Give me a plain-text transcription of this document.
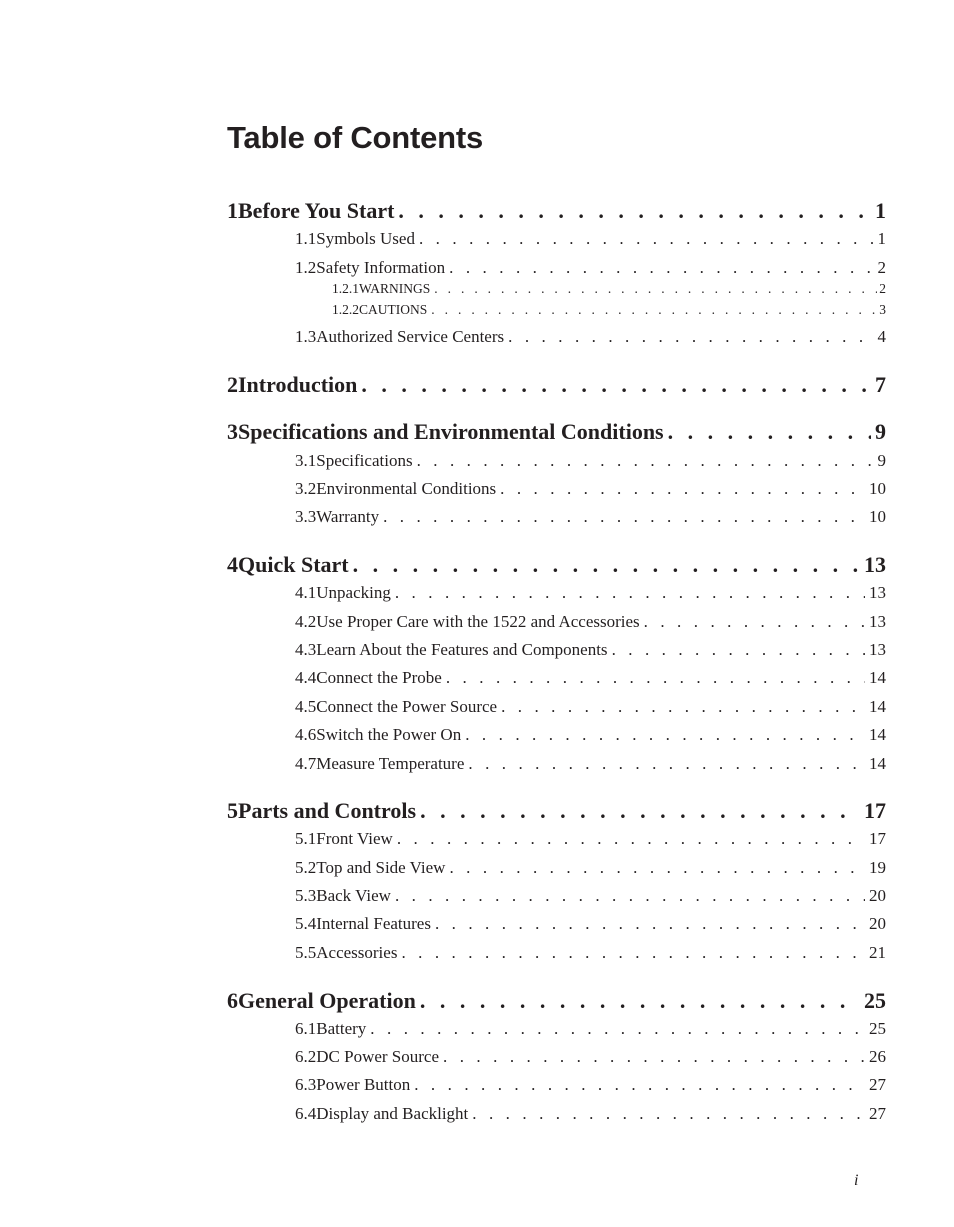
Table of Contents
1 Before You Start . . .	1
1.1 Symbols Used . . .	1
1.2 Safety Information . . .	2
1.2.1 WARNINGS . . .	2
1.2.2 CAUTIONS . . .	3
1.3 Authorized Service Centers . . .	4
2 Introduction . . .	7
3 Specifications and Environmental Conditions . . .	9
3.1 Specifications . . .	9
3.2 Environmental Conditions . . .	10
3.3 Warranty . . .	10
4 Quick Start . . .	13
4.1 Unpacking . . .	13
4.2 Use Proper Care with the 1522 and Accessories . . .	13
4.3 Learn About the Features and Components . . .	13
4.4 Connect the Probe . . .	14
4.5 Connect the Power Source . . .	14
4.6 Switch the Power On . . .	14
4.7 Measure Temperature . . .	14
5 Parts and Controls . . .	17
5.1 Front View . . .	17
5.2 Top and Side View . . .	19
5.3 Back View . . .	20
5.4 Internal Features . . .	20
5.5 Accessories . . .	21
6 General Operation . . .	25
6.1 Battery . . .	25
6.2 DC Power Source . . .	26
6.3 Power Button . . .	27
6.4 Display and Backlight . . .	27
i
